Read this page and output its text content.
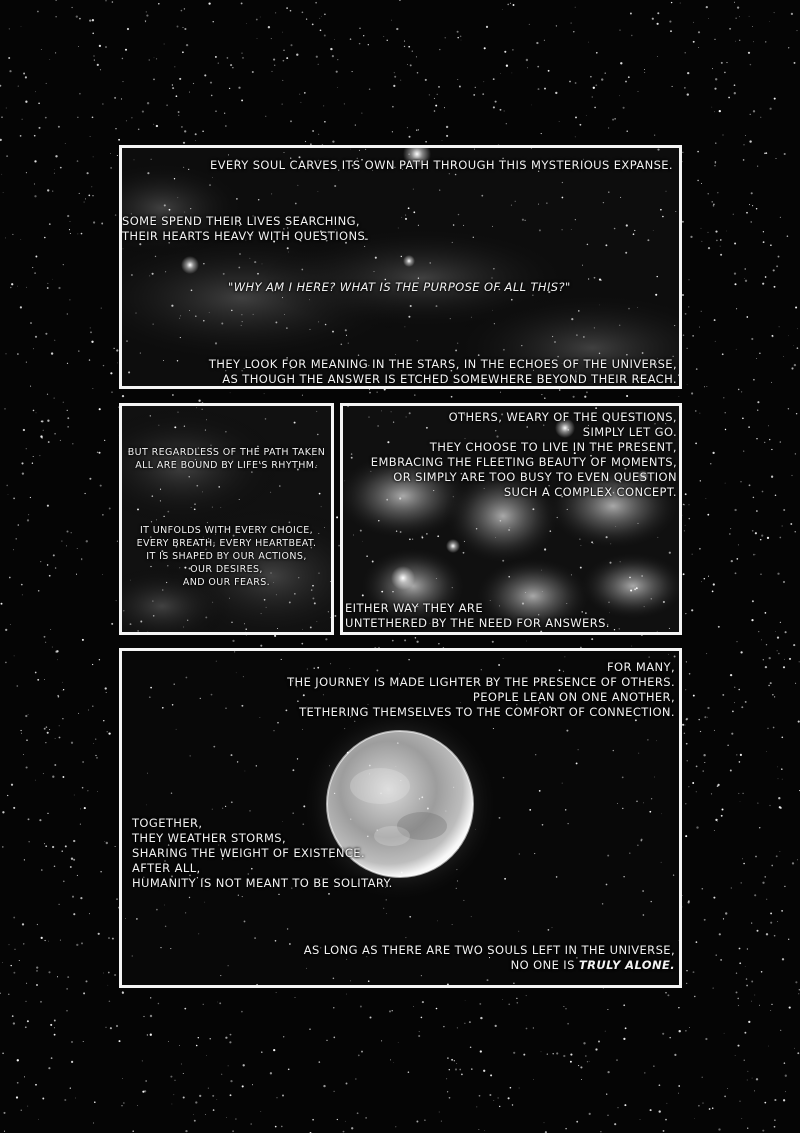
EVERY SOUL CARVES ITS OWN PATH THROUGH THIS MYSTERIOUS EXPANSE.
SOME SPEND THEIR LIVES SEARCHING,
THEIR HEARTS HEAVY WITH QUESTIONS.
"WHY AM I HERE? WHAT IS THE PURPOSE OF ALL THIS?"
THEY LOOK FOR MEANING IN THE STARS, IN THE ECHOES OF THE UNIVERSE,
AS THOUGH THE ANSWER IS ETCHED SOMEWHERE BEYOND THEIR REACH.
BUT REGARDLESS OF THE PATH TAKEN
ALL ARE BOUND BY LIFE'S RHYTHM.
IT UNFOLDS WITH EVERY CHOICE,
EVERY BREATH, EVERY HEARTBEAT.
IT IS SHAPED BY OUR ACTIONS,
OUR DESIRES,
AND OUR FEARS.
OTHERS, WEARY OF THE QUESTIONS,
SIMPLY LET GO.
THEY CHOOSE TO LIVE IN THE PRESENT,
EMBRACING THE FLEETING BEAUTY OF MOMENTS,
OR SIMPLY ARE TOO BUSY TO EVEN QUESTION
SUCH A COMPLEX CONCEPT.
EITHER WAY THEY ARE
UNTETHERED BY THE NEED FOR ANSWERS.
FOR MANY,
THE JOURNEY IS MADE LIGHTER BY THE PRESENCE OF OTHERS.
PEOPLE LEAN ON ONE ANOTHER,
TETHERING THEMSELVES TO THE COMFORT OF CONNECTION.
TOGETHER,
THEY WEATHER STORMS,
SHARING THE WEIGHT OF EXISTENCE.
AFTER ALL,
HUMANITY IS NOT MEANT TO BE SOLITARY.
AS LONG AS THERE ARE TWO SOULS LEFT IN THE UNIVERSE,
NO ONE IS TRULY ALONE.
